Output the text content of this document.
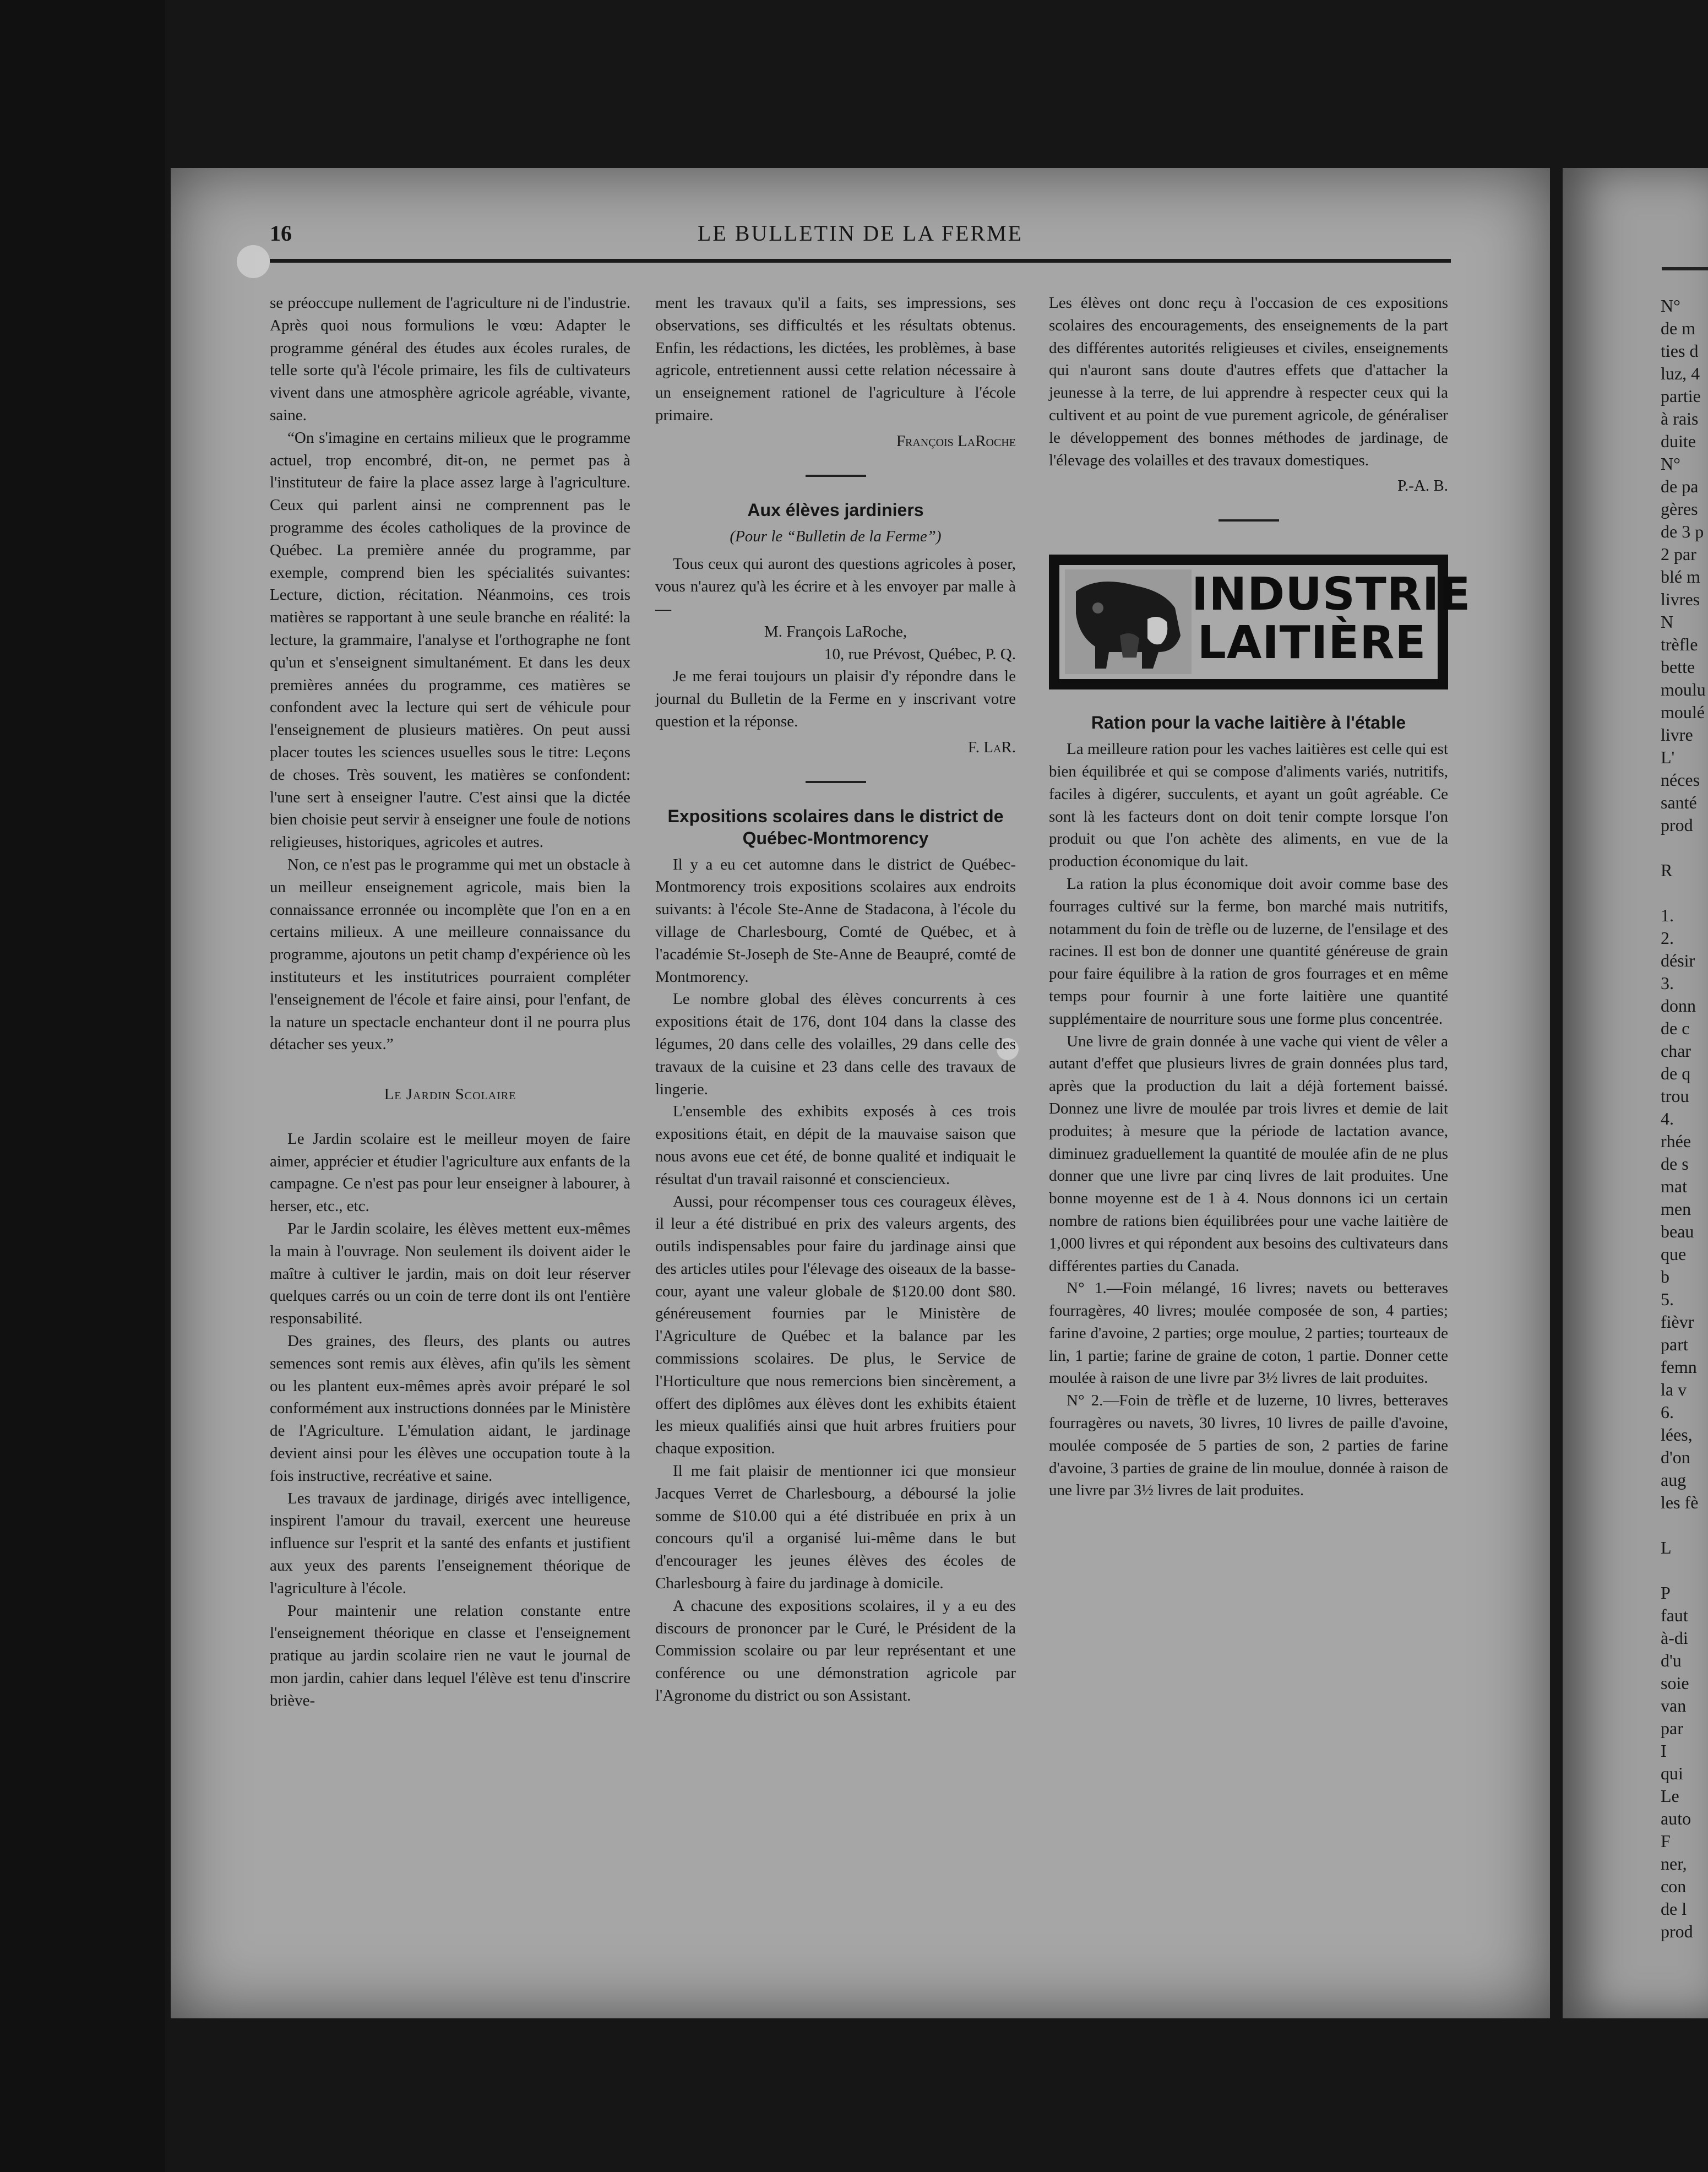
16	LE BULLETIN DE LA FERME

se préoccupe nullement de l'agriculture ni de l'industrie. Après quoi nous formulions le vœu: Adapter le programme général des études aux écoles rurales, de telle sorte qu'à l'école primaire, les fils de cultivateurs vivent dans une atmosphère agricole agréable, vivante, saine.

“On s'imagine en certains milieux que le programme actuel, trop encombré, dit-on, ne permet pas à l'instituteur de faire la place assez large à l'agriculture. Ceux qui parlent ainsi ne comprennent pas le programme des écoles catholiques de la province de Québec. La première année du programme, par exemple, comprend bien les spécialités suivantes: Lecture, diction, récitation. Néanmoins, ces trois matières se rapportant à une seule branche en réalité: la lecture, la grammaire, l'analyse et l'orthographe ne font qu'un et s'enseignent simultanément. Et dans les deux premières années du programme, ces matières se confondent avec la lecture qui sert de véhicule pour l'enseignement de plusieurs matières. On peut aussi placer toutes les sciences usuelles sous le titre: Leçons de choses. Très souvent, les matières se confondent: l'une sert à enseigner l'autre. C'est ainsi que la dictée bien choisie peut servir à enseigner une foule de notions religieuses, historiques, agricoles et autres.

Non, ce n'est pas le programme qui met un obstacle à un meilleur enseignement agricole, mais bien la connaissance erronnée ou incomplète que l'on en a en certains milieux. A une meilleure connaissance du programme, ajoutons un petit champ d'expérience où les instituteurs et les institutrices pourraient compléter l'enseignement de l'école et faire ainsi, pour l'enfant, de la nature un spectacle enchanteur dont il ne pourra plus détacher ses yeux.”

Le Jardin Scolaire

Le Jardin scolaire est le meilleur moyen de faire aimer, apprécier et étudier l'agriculture aux enfants de la campagne. Ce n'est pas pour leur enseigner à labourer, à herser, etc., etc.

Par le Jardin scolaire, les élèves mettent eux-mêmes la main à l'ouvrage. Non seulement ils doivent aider le maître à cultiver le jardin, mais on doit leur réserver quelques carrés ou un coin de terre dont ils ont l'entière responsabilité.

Des graines, des fleurs, des plants ou autres semences sont remis aux élèves, afin qu'ils les sèment ou les plantent eux-mêmes après avoir préparé le sol conformément aux instructions données par le Ministère de l'Agriculture. L'émulation aidant, le jardinage devient ainsi pour les élèves une occupation toute à la fois instructive, recréative et saine.

Les travaux de jardinage, dirigés avec intelligence, inspirent l'amour du travail, exercent une heureuse influence sur l'esprit et la santé des enfants et justifient aux yeux des parents l'enseignement théorique de l'agriculture à l'école.

Pour maintenir une relation constante entre l'enseignement théorique en classe et l'enseignement pratique au jardin scolaire rien ne vaut le journal de mon jardin, cahier dans lequel l'élève est tenu d'inscrire briève-

ment les travaux qu'il a faits, ses impressions, ses observations, ses difficultés et les résultats obtenus. Enfin, les rédactions, les dictées, les problèmes, à base agricole, entretiennent aussi cette relation nécessaire à un enseignement rationel de l'agriculture à l'école primaire.

François LaRoche
Aux élèves jardiniers
(Pour le “Bulletin de la Ferme”)

Tous ceux qui auront des questions agricoles à poser, vous n'aurez qu'à les écrire et à les envoyer par malle à—

M. François LaRoche,
10, rue Prévost, Québec, P. Q.

Je me ferai toujours un plaisir d'y répondre dans le journal du Bulletin de la Ferme en y inscrivant votre question et la réponse.

F. LaR.
Expositions scolaires dans le district de Québec-Montmorency

Il y a eu cet automne dans le district de Québec-Montmorency trois expositions scolaires aux endroits suivants: à l'école Ste-Anne de Stadacona, à l'école du village de Charlesbourg, Comté de Québec, et à l'académie St-Joseph de Ste-Anne de Beaupré, comté de Montmorency.

Le nombre global des élèves concurrents à ces expositions était de 176, dont 104 dans la classe des légumes, 20 dans celle des volailles, 29 dans celle des travaux de la cuisine et 23 dans celle des travaux de lingerie.

L'ensemble des exhibits exposés à ces trois expositions était, en dépit de la mauvaise saison que nous avons eue cet été, de bonne qualité et indiquait le résultat d'un travail raisonné et consciencieux.

Aussi, pour récompenser tous ces courageux élèves, il leur a été distribué en prix des valeurs argents, des outils indispensables pour faire du jardinage ainsi que des articles utiles pour l'élevage des oiseaux de la basse-cour, ayant une valeur globale de $120.00 dont $80. généreusement fournies par le Ministère de l'Agriculture de Québec et la balance par les commissions scolaires. De plus, le Service de l'Horticulture que nous remercions bien sincèrement, a offert des diplômes aux élèves dont les exhibits étaient les mieux qualifiés ainsi que huit arbres fruitiers pour chaque exposition.

Il me fait plaisir de mentionner ici que monsieur Jacques Verret de Charlesbourg, a déboursé la jolie somme de $10.00 qui a été distribuée en prix à un concours qu'il a organisé lui-même dans le but d'encourager les jeunes élèves des écoles de Charlesbourg à faire du jardinage à domicile.

A chacune des expositions scolaires, il y a eu des discours de prononcer par le Curé, le Président de la Commission scolaire ou par leur représentant et une conférence ou une démonstration agricole par l'Agronome du district ou son Assistant.

Les élèves ont donc reçu à l'occasion de ces expositions scolaires des encouragements, des enseignements de la part des différentes autorités religieuses et civiles, enseignements qui n'auront sans doute d'autres effets que d'attacher la jeunesse à la terre, de lui apprendre à respecter ceux qui la cultivent et au point de vue purement agricole, de généraliser le développement des bonnes méthodes de jardinage, de l'élevage des volailles et des travaux domestiques.

P.-A. B.
INDUSTRIE
LAITIÈRE
Ration pour la vache laitière à l'étable

La meilleure ration pour les vaches laitières est celle qui est bien équilibrée et qui se compose d'aliments variés, nutritifs, faciles à digérer, succulents, et ayant un goût agréable. Ce sont là les facteurs dont on doit tenir compte lorsque l'on produit ou que l'on achète des aliments, en vue de la production économique du lait.

La ration la plus économique doit avoir comme base des fourrages cultivé sur la ferme, bon marché mais nutritifs, notamment du foin de trèfle ou de luzerne, de l'ensilage et des racines. Il est bon de donner une quantité généreuse de grain pour faire équilibre à la ration de gros fourrages et en même temps pour fournir à une forte laitière une quantité supplémentaire de nourriture sous une forme plus concentrée.

Une livre de grain donnée à une vache qui vient de vêler a autant d'effet que plusieurs livres de grain données plus tard, après que la production du lait a déjà fortement baissé. Donnez une livre de moulée par trois livres et demie de lait produites; à mesure que la période de lactation avance, diminuez graduellement la quantité de moulée afin de ne plus donner que une livre par cinq livres de lait produites. Une bonne moyenne est de 1 à 4. Nous donnons ici un certain nombre de rations bien équilibrées pour une vache laitière de 1,000 livres et qui répondent aux besoins des cultivateurs dans différentes parties du Canada.

N° 1.—Foin mélangé, 16 livres; navets ou betteraves fourragères, 40 livres; moulée composée de son, 4 parties; farine d'avoine, 2 parties; orge moulue, 2 parties; tourteaux de lin, 1 partie; farine de graine de coton, 1 partie. Donner cette moulée à raison de une livre par 3½ livres de lait produites.

N° 2.—Foin de trèfle et de luzerne, 10 livres, betteraves fourragères ou navets, 30 livres, 10 livres de paille d'avoine, moulée composée de 5 parties de son, 2 parties de farine d'avoine, 3 parties de graine de lin moulue, donnée à raison de une livre par 3½ livres de lait produites.

N°
de m
ties d
luz, 4
partie
à rais
duite
N°
de pa
gères
de 3 p
2 par
blé m
livres
N
trèfle
bette
moulu
moulé
livre
L'
néces
santé
prod
R
1.
2.
désir
3.
donn
de c
char
de q
trou
4.
rhée
de s
mat
men
beau
que
b
5.
fièvr
part
femn
la v
6.
lées,
d'on
aug
les fè
L
P
faut
à-di
d'u
soie
van
par
I
qui
Le
auto
F
ner,
con
de l
prod
